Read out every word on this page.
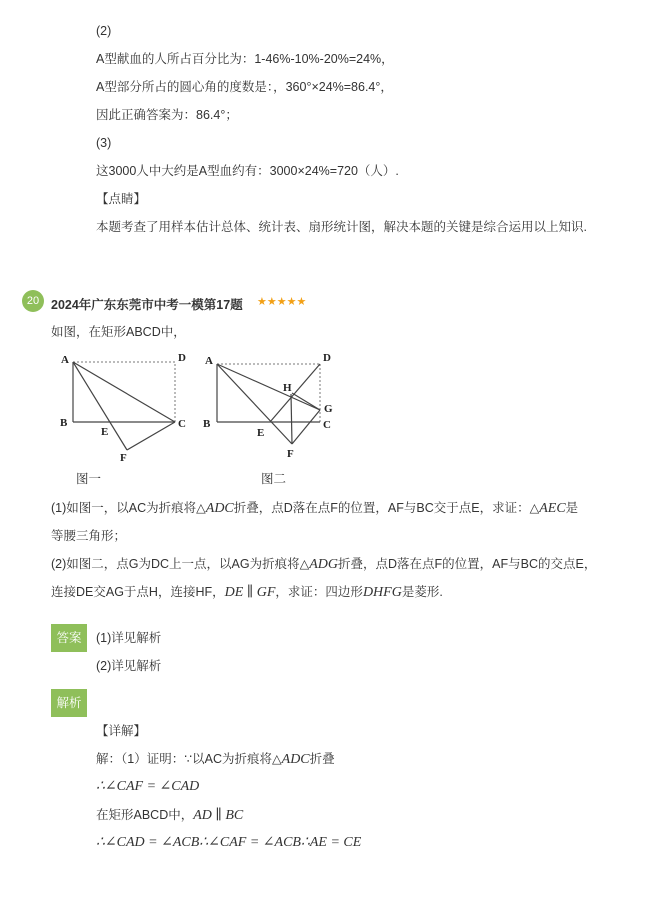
(2)
A型献血的人所占百分比为：1-46%-10%-20%=24%，
A型部分所占的圆心角的度数是：，360°×24%=86.4°，
因此正确答案为：86.4°；
(3)
这3000人中大约是A型血约有：3000×24%=720（人）.
【点睛】
本题考查了用样本估计总体、统计表、扇形统计图，解决本题的关键是综合运用以上知识.
20 2024年广东东莞市中考一模第17题 ★★★★★
如图，在矩形ABCD中，
A	D
B	C
E
F
A	D
H
G
B	C
E
F
图一	图二
(1)如图一，以AC为折痕将△ADC折叠，点D落在点F的位置，AF与BC交于点E，求证：△AEC是
等腰三角形；
(2)如图二，点G为DC上一点，以AG为折痕将△ADG折叠，点D落在点F的位置，AF与BC的交点E，
连接DE交AG于点H，连接HF，DE ∥ GF，求证：四边形DHFG是菱形.
答案	(1)详见解析
(2)详见解析
解析
【详解】
解：（1）证明：∵以AC为折痕将△ADC折叠
∴∠CAF = ∠CAD
在矩形ABCD中，AD ∥ BC
∴∠CAD = ∠ACB∴∠CAF = ∠ACB∴AE = CE
